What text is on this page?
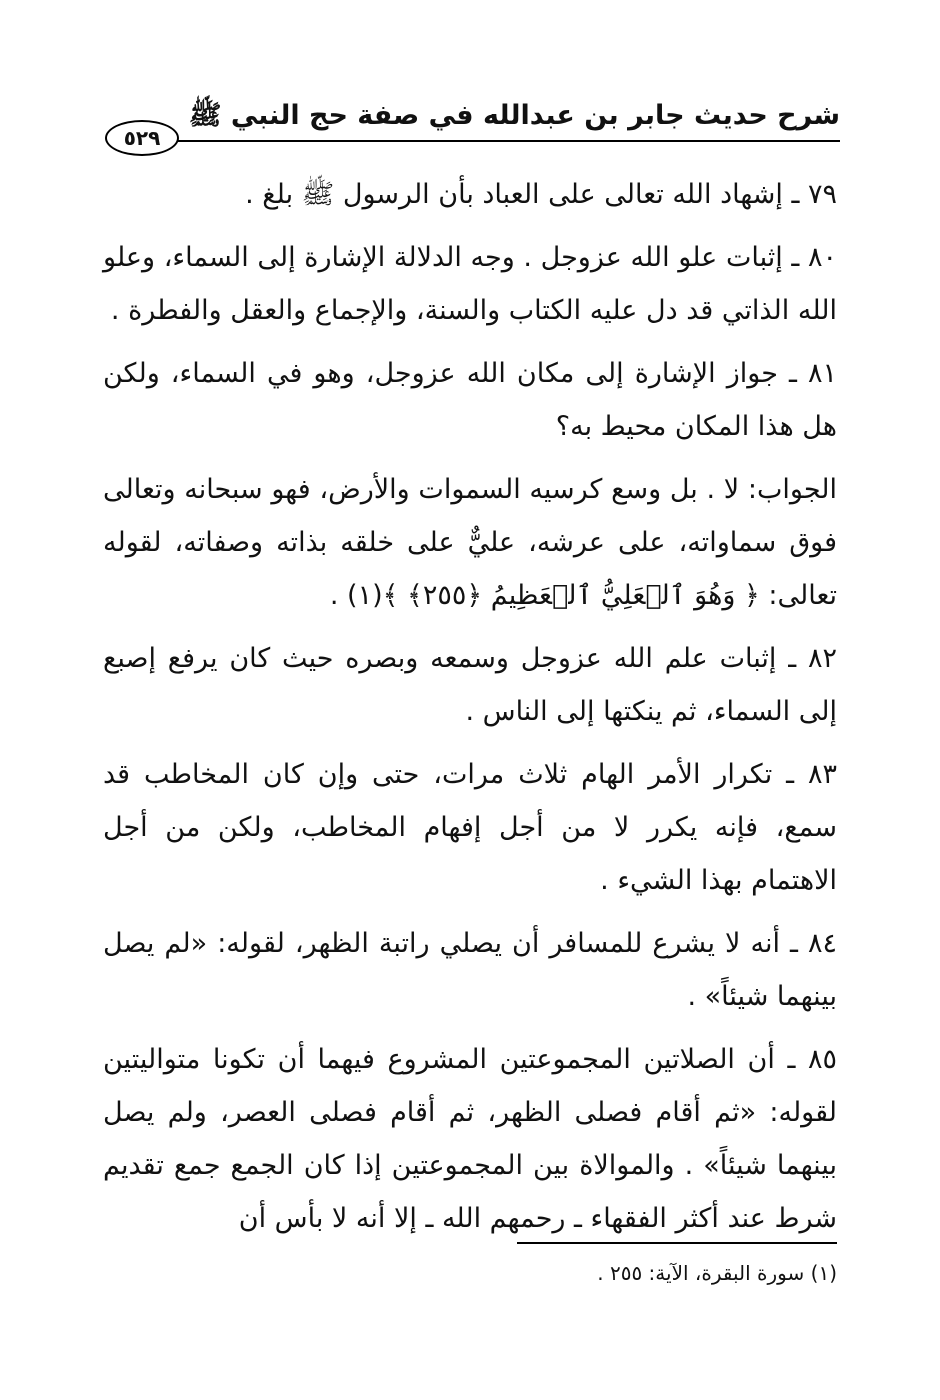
شرح حديث جابر بن عبدالله في صفة حج النبي ﷺ
٥٢٩

٧٩ ـ إشهاد الله تعالى على العباد بأن الرسول ﷺ بلغ .

٨٠ ـ إثبات علو الله عزوجل . وجه الدلالة الإشارة إلى السماء، وعلو الله الذاتي قد دل عليه الكتاب والسنة، والإجماع والعقل والفطرة .

٨١ ـ جواز الإشارة إلى مكان الله عزوجل، وهو في السماء، ولكن هل هذا المكان محيط به؟

الجواب: لا . بل وسع كرسيه السموات والأرض، فهو سبحانه وتعالى فوق سماواته، على عرشه، عليٌّ على خلقه بذاته وصفاته، لقوله تعالى: ﴿ وَهُوَ ٱلۡعَلِيُّ ٱلۡعَظِيمُ ﴿٢٥٥﴾ ﴾(١) .

٨٢ ـ إثبات علم الله عزوجل وسمعه وبصره حيث كان يرفع إصبع إلى السماء، ثم ينكتها إلى الناس .

٨٣ ـ تكرار الأمر الهام ثلاث مرات، حتى وإن كان المخاطب قد سمع، فإنه يكرر لا من أجل إفهام المخاطب، ولكن من أجل الاهتمام بهذا الشيء .

٨٤ ـ أنه لا يشرع للمسافر أن يصلي راتبة الظهر، لقوله: «لم يصل بينهما شيئاً» .

٨٥ ـ أن الصلاتين المجموعتين المشروع فيهما أن تكونا متواليتين لقوله: «ثم أقام فصلى الظهر، ثم أقام فصلى العصر، ولم يصل بينهما شيئاً» . والموالاة بين المجموعتين إذا كان الجمع جمع تقديم شرط عند أكثر الفقهاء ـ رحمهم الله ـ إلا أنه لا بأس أن

(١) سورة البقرة، الآية: ٢٥٥ .
